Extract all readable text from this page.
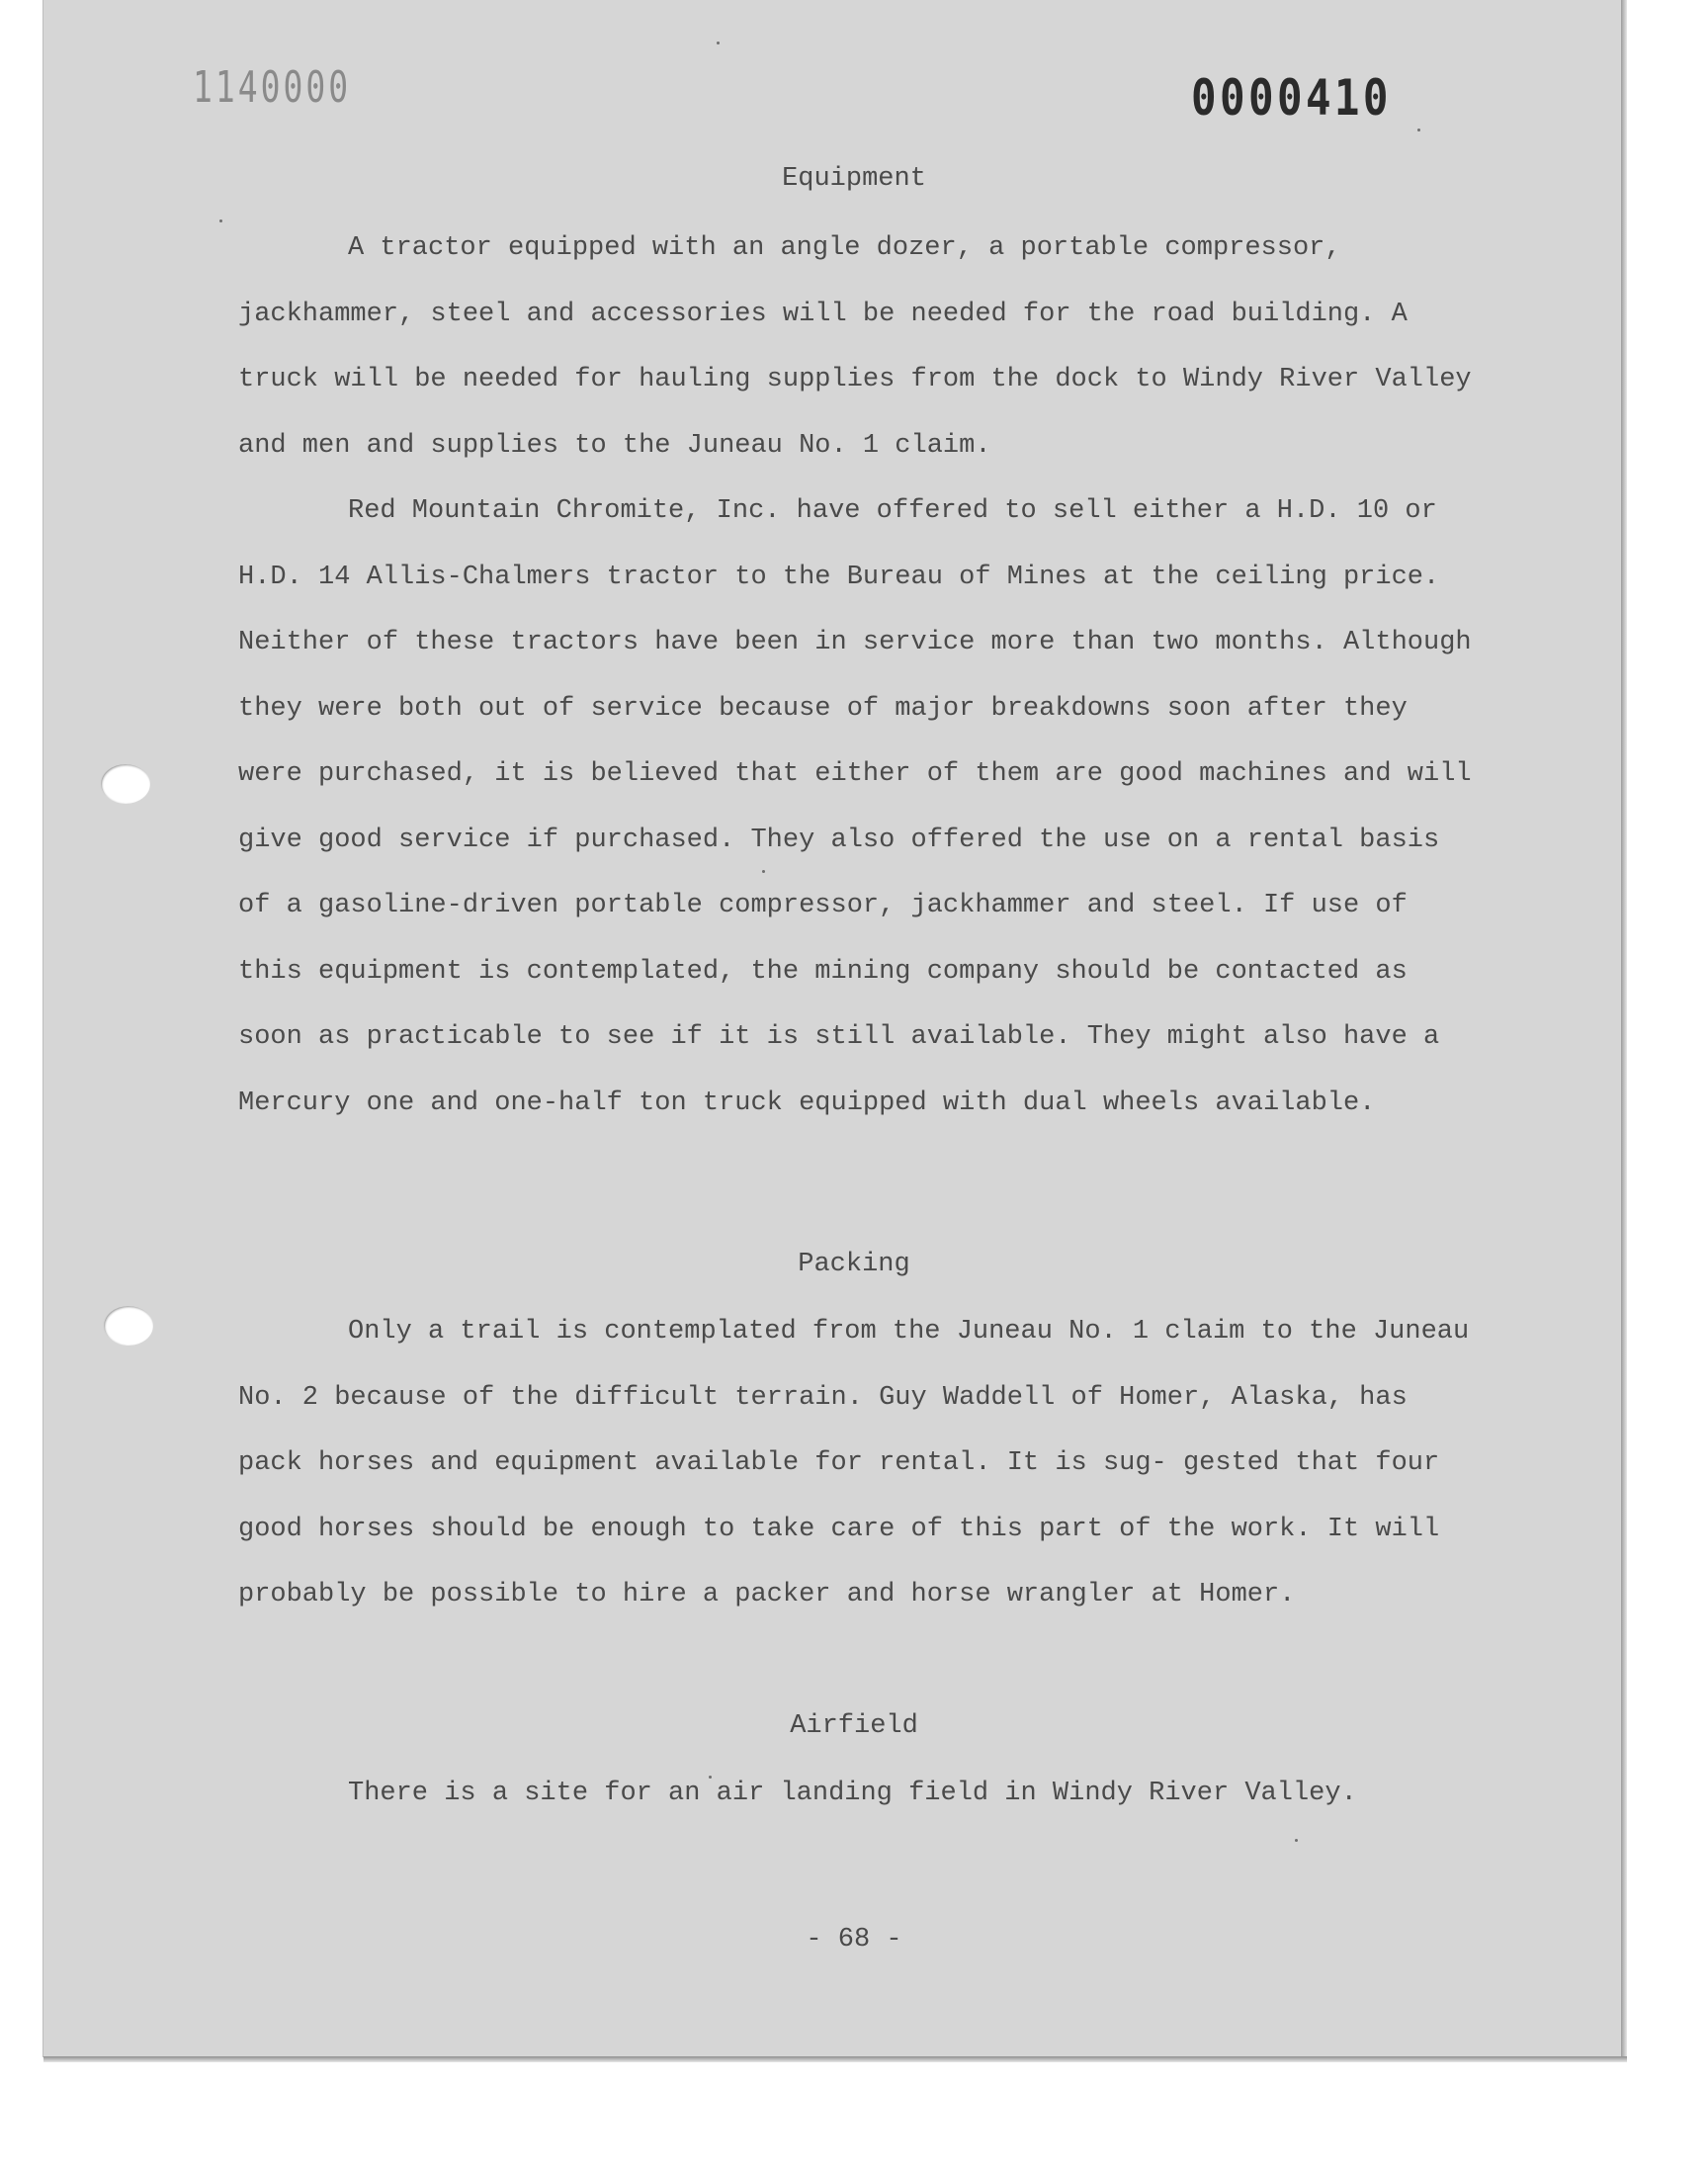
1140000	0000410
Equipment

A tractor equipped with an angle dozer, a portable compressor, jackhammer, steel and accessories will be needed for the road building. A truck will be needed for hauling supplies from the dock to Windy River Valley and men and supplies to the Juneau No. 1 claim.

Red Mountain Chromite, Inc. have offered to sell either a H.D. 10 or H.D. 14 Allis-Chalmers tractor to the Bureau of Mines at the ceiling price. Neither of these tractors have been in service more than two months. Although they were both out of service because of major breakdowns soon after they were purchased, it is believed that either of them are good machines and will give good service if purchased. They also offered the use on a rental basis of a gasoline-driven portable compressor, jackhammer and steel. If use of this equipment is contemplated, the mining company should be contacted as soon as practicable to see if it is still available. They might also have a Mercury one and one-half ton truck equipped with dual wheels available.

Packing

Only a trail is contemplated from the Juneau No. 1 claim to the Juneau No. 2 because of the difficult terrain. Guy Waddell of Homer, Alaska, has pack horses and equipment available for rental. It is sug- gested that four good horses should be enough to take care of this part of the work. It will probably be possible to hire a packer and horse wrangler at Homer.

Airfield

There is a site for an air landing field in Windy River Valley.

- 68 -
